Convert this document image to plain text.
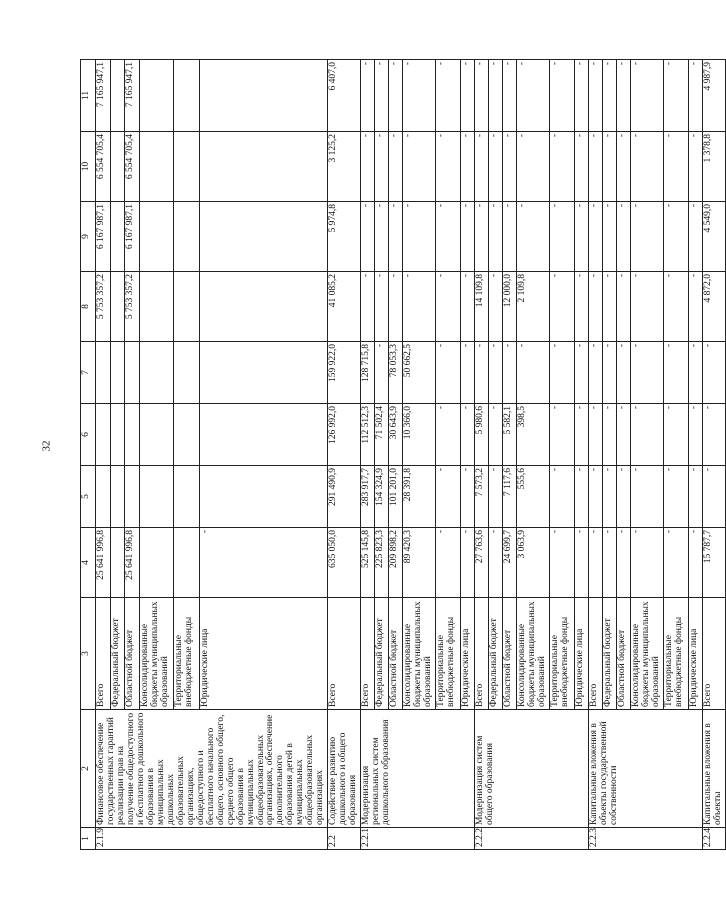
32
1	2	3	4	5	6	7	8	9	10	11
2.1.9	Финансовое обеспечение государственных гарантий реализации прав на получение общедоступного и бесплатного дошкольного образования в муниципальных дошкольных образовательных организациях, общедоступного и бесплатного начального общего, основного общего, среднего общего образования в муниципальных общеобразовательных организациях, обеспечение дополнительного образования детей в муниципальных общеобразовательных организациях	Всего	25 641 996,8				5 753 357,2	6 167 987,1	6 554 705,4	7 165 947,1
		Федеральный бюджет								
		Областной бюджет	25 641 996,8				5 753 357,2	6 167 987,1	6 554 705,4	7 165 947,1
		Консолидированные бюджеты муниципальных образований								
		Территориальные внебюджетные фонды								
		Юридические лица	-							
2.2	Содействие развитию дошкольного и общего образования	Всего	635 050,0	291 490,9	126 992,0	159 922,0	41 085,2	5 974,8	3 125,2	6 407,0
2.2.1	Модернизация региональных систем дошкольного образования	Всего	525 145,8	283 917,7	112 512,3	128 715,8	-	-	-	-
		Федеральный бюджет	225 823,3	154 324,9	71 502,4	-	-	-	-	-
		Областной бюджет	209 898,2	101 201,0	30 643,9	78 053,3	-	-	-	-
		Консолидированные бюджеты муниципальных образований	89 420,3	28 391,8	10 366,0	50 662,5	-	-	-	-
		Территориальные внебюджетные фонды	-	-	-	-	-	-	-	-
		Юридические лица	-	-	-	-	-	-	-	-
2.2.2	Модернизация систем общего образования	Всего	27 763,6	7 573,2	5 980,6	-	14 109,8	-	-	-
		Федеральный бюджет	-	-	-	-	-	-	-	-
		Областной бюджет	24 699,7	7 117,6	5 582,1	-	12 000,0	-	-	-
		Консолидированные бюджеты муниципальных образований	3 063,9	555,6	398,5	-	2 109,8	-	-	-
		Территориальные внебюджетные фонды	-	-	-	-	-	-	-	-
		Юридические лица	-	-	-	-	-	-	-	-
2.2.3	Капитальные вложения в объекты государственной собственности	Всего	-	-	-	-	-	-	-	-
		Федеральный бюджет	-	-	-	-	-	-	-	-
		Областной бюджет	-	-	-	-	-	-	-	-
		Консолидированные бюджеты муниципальных образований	-	-	-	-	-	-	-	-
		Территориальные внебюджетные фонды	-	-	-	-	-	-	-	-
		Юридические лица	-	-	-	-	-	-	-	-
2.2.4	Капитальные вложения в объекты	Всего	15 787,7	-	-	-	4 872,0	4 549,0	1 378,8	4 987,9
